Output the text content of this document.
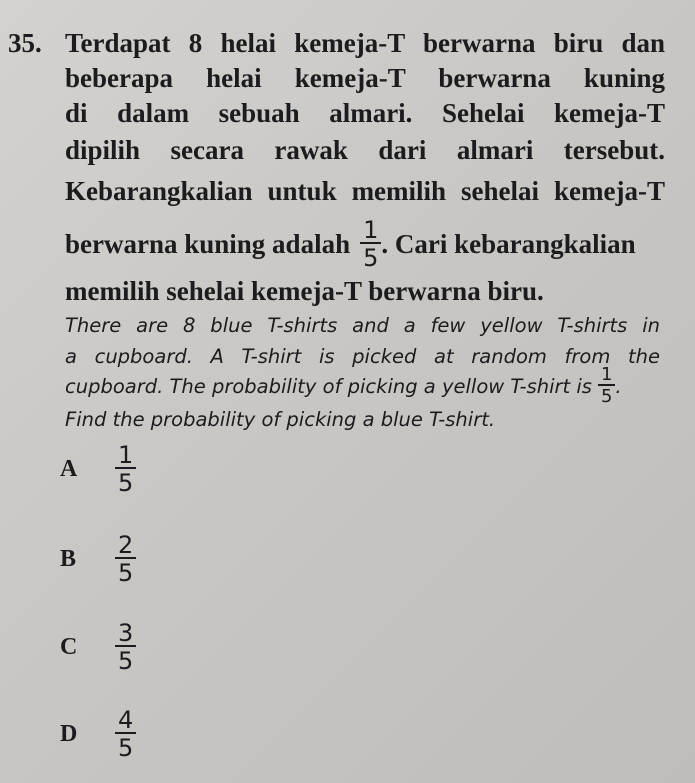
35. Terdapat 8 helai kemeja-T berwarna biru dan
beberapa helai kemeja-T berwarna kuning
di dalam sebuah almari. Sehelai kemeja-T
dipilih secara rawak dari almari tersebut.
Kebarangkalian untuk memilih sehelai kemeja-T
berwarna kuning adalah $\frac{1}{5}$ . Cari kebarangkalian
memilih sehelai kemeja-T berwarna biru.
There are 8 blue T-shirts and a few yellow T-shirts in
a cupboard. A T-shirt is picked at random from the
cupboard. The probability of picking a yellow T-shirt is $\frac{1}{5}$ .
Find the probability of picking a blue T-shirt.
A	$\frac{1}{5}$
B	$\frac{2}{5}$
C	$\frac{3}{5}$
D	$\frac{4}{5}$
